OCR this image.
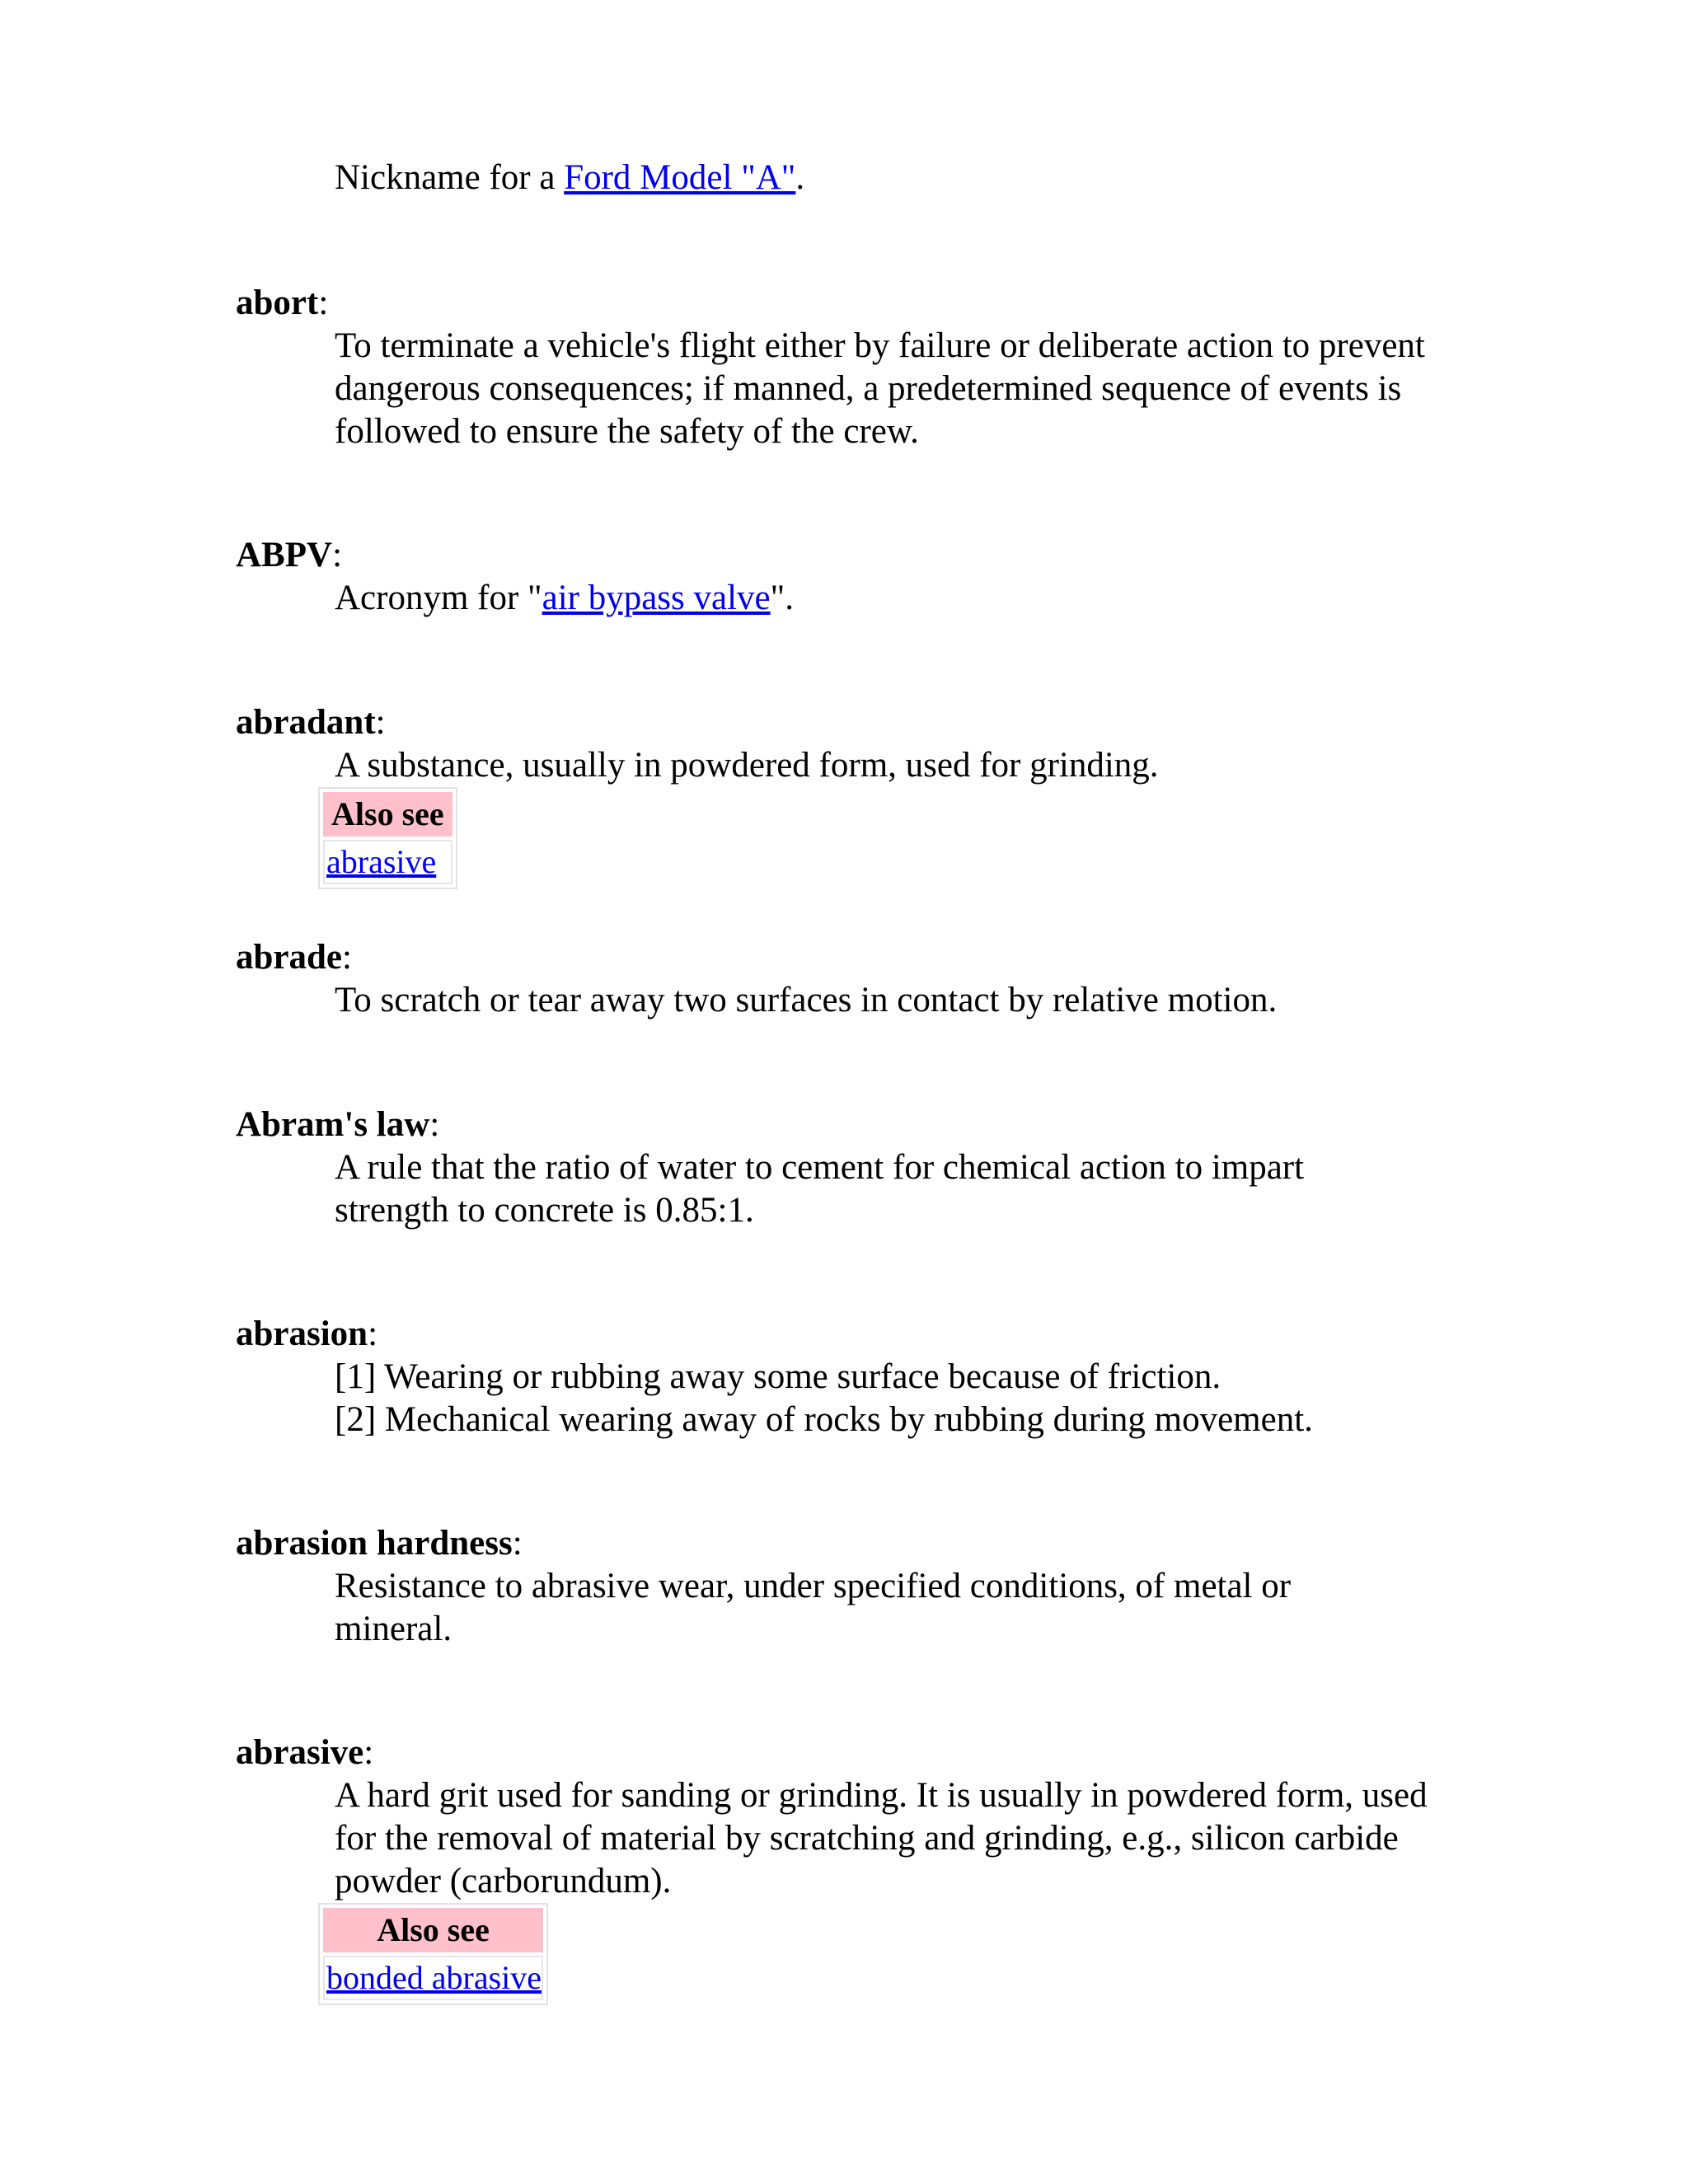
Nickname for a Ford Model "A".
abort:
To terminate a vehicle's flight either by failure or deliberate action to prevent dangerous consequences; if manned, a predetermined sequence of events is followed to ensure the safety of the crew.
ABPV:
Acronym for "air bypass valve".
abradant:
A substance, usually in powdered form, used for grinding.
Also see
abrasive
abrade:
To scratch or tear away two surfaces in contact by relative motion.
Abram's law:
A rule that the ratio of water to cement for chemical action to impart strength to concrete is 0.85:1.
abrasion:
[1] Wearing or rubbing away some surface because of friction.
[2] Mechanical wearing away of rocks by rubbing during movement.
abrasion hardness:
Resistance to abrasive wear, under specified conditions, of metal or mineral.
abrasive:
A hard grit used for sanding or grinding. It is usually in powdered form, used for the removal of material by scratching and grinding, e.g., silicon carbide powder (carborundum).
Also see
bonded abrasive
